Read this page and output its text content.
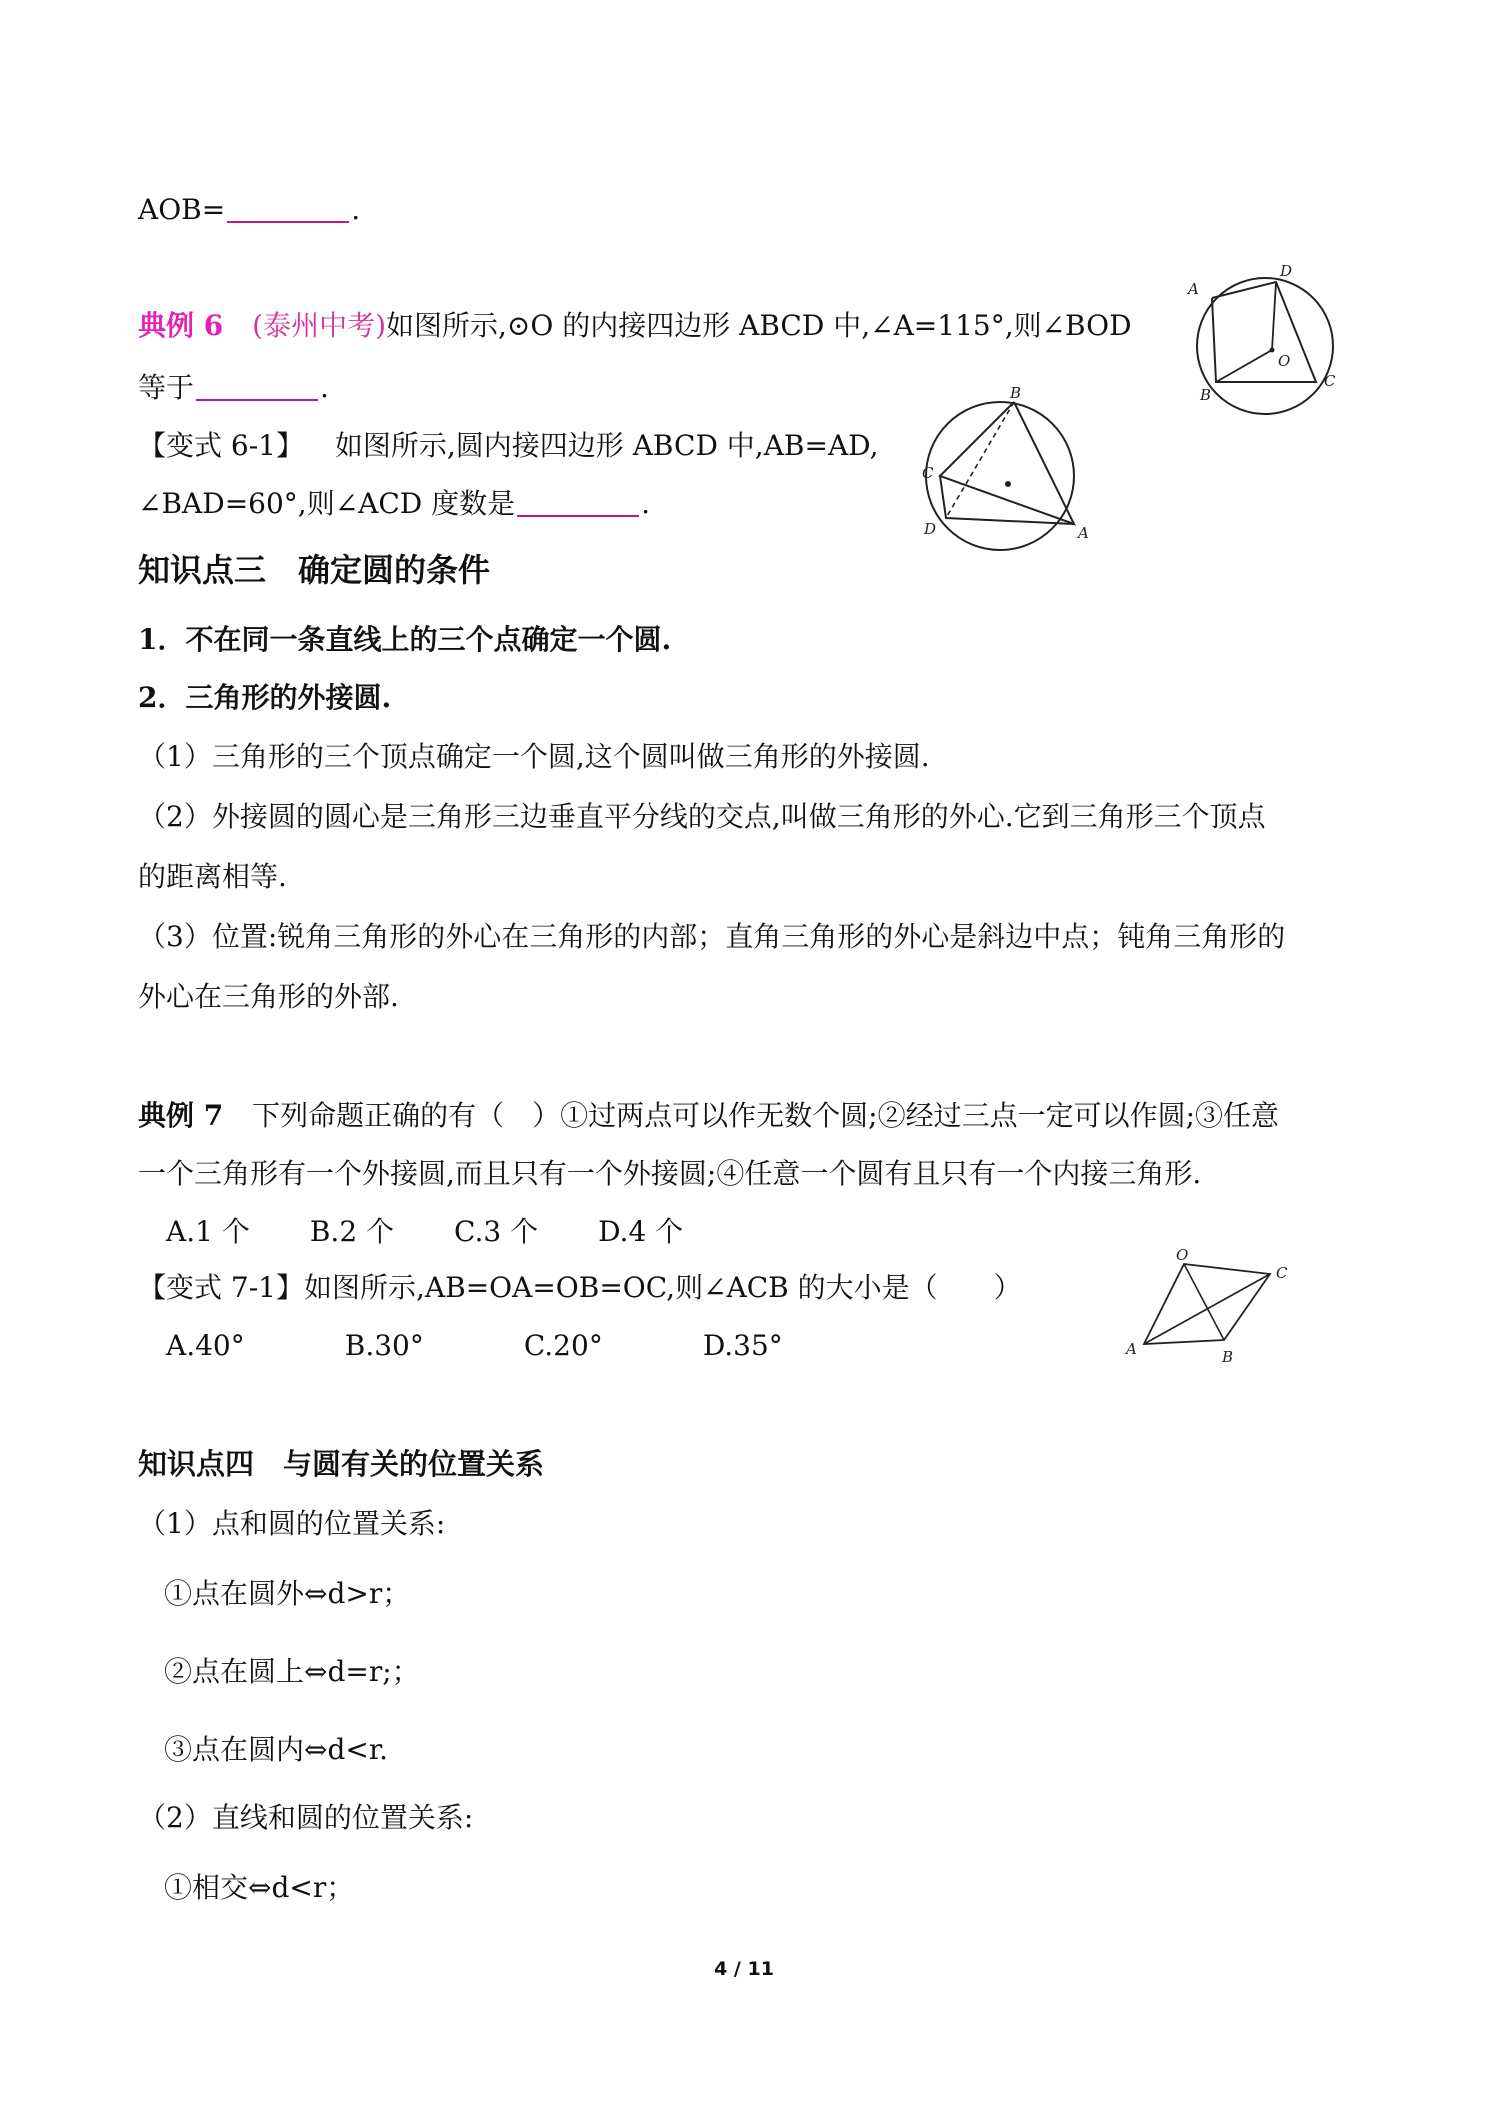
AOB=	.
典例 6 (泰州中考)如图所示,⊙O 的内接四边形 ABCD 中,∠A=115°,则∠BOD
等于	.
【变式 6-1】 如图所示,圆内接四边形 ABCD 中,AB=AD,
∠BAD=60°,则∠ACD 度数是	.
A
D
O
B
C
B
C
D	A
知识点三　确定圆的条件
1．不在同一条直线上的三个点确定一个圆.
2．三角形的外接圆.
（1）三角形的三个顶点确定一个圆,这个圆叫做三角形的外接圆.
（2）外接圆的圆心是三角形三边垂直平分线的交点,叫做三角形的外心.它到三角形三个顶点
的距离相等.
（3）位置:锐角三角形的外心在三角形的内部；直角三角形的外心是斜边中点；钝角三角形的
外心在三角形的外部.
典例 7 下列命题正确的有（　）①过两点可以作无数个圆;②经过三点一定可以作圆;③任意
一个三角形有一个外接圆,而且只有一个外接圆;④任意一个圆有且只有一个内接三角形.
A.1 个 B.2 个 C.3 个 D.4 个
【变式 7-1】如图所示,AB=OA=OB=OC,则∠ACB 的大小是（　　）
A.40°	B.30°	C.20°	D.35°
O
C
A	B
知识点四　与圆有关的位置关系
（1）点和圆的位置关系:
①点在圆外⇔d>r；
②点在圆上⇔d=r;；
③点在圆内⇔d<r.
（2）直线和圆的位置关系:
①相交⇔d<r；
4 / 11
